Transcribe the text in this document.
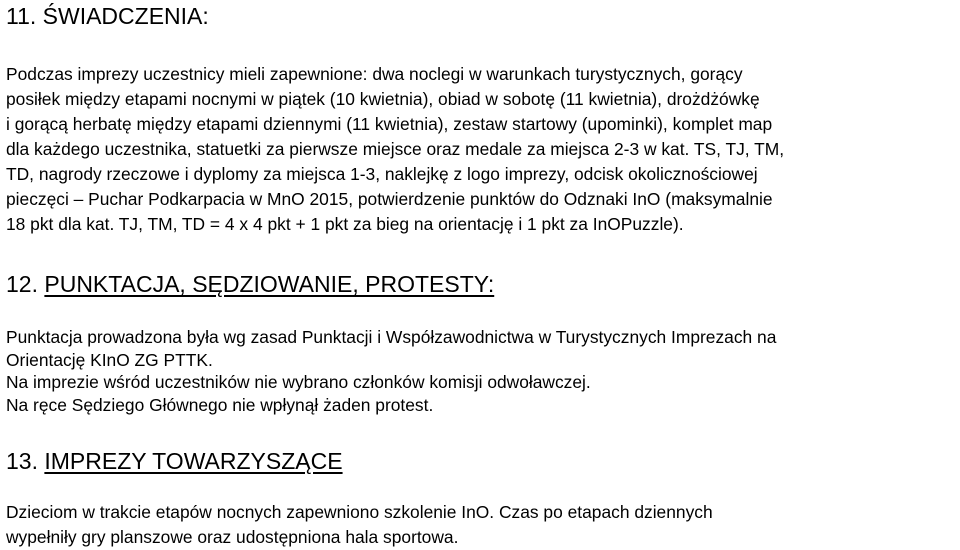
11. ŚWIADCZENIA:
Podczas imprezy uczestnicy mieli zapewnione: dwa noclegi w warunkach turystycznych, gorący
posiłek między etapami nocnymi w piątek (10 kwietnia), obiad w sobotę (11 kwietnia), drożdżówkę
i gorącą herbatę między etapami dziennymi (11 kwietnia), zestaw startowy (upominki), komplet map
dla każdego uczestnika, statuetki za pierwsze miejsce oraz medale za miejsca 2-3 w kat. TS, TJ, TM,
TD, nagrody rzeczowe i dyplomy za miejsca 1-3, naklejkę z logo imprezy, odcisk okolicznościowej
pieczęci – Puchar Podkarpacia w MnO 2015, potwierdzenie punktów do Odznaki InO (maksymalnie
18 pkt dla kat. TJ, TM, TD = 4 x 4 pkt + 1 pkt za bieg na orientację i 1 pkt za InOPuzzle).
12. PUNKTACJA, SĘDZIOWANIE, PROTESTY:
Punktacja prowadzona była wg zasad Punktacji i Współzawodnictwa w Turystycznych Imprezach na
Orientację KInO ZG PTTK.
Na imprezie wśród uczestników nie wybrano członków komisji odwoławczej.
Na ręce Sędziego Głównego nie wpłynął żaden protest.
13. IMPREZY TOWARZYSZĄCE
Dzieciom w trakcie etapów nocnych zapewniono szkolenie InO. Czas po etapach dziennych
wypełniły gry planszowe oraz udostępniona hala sportowa.
